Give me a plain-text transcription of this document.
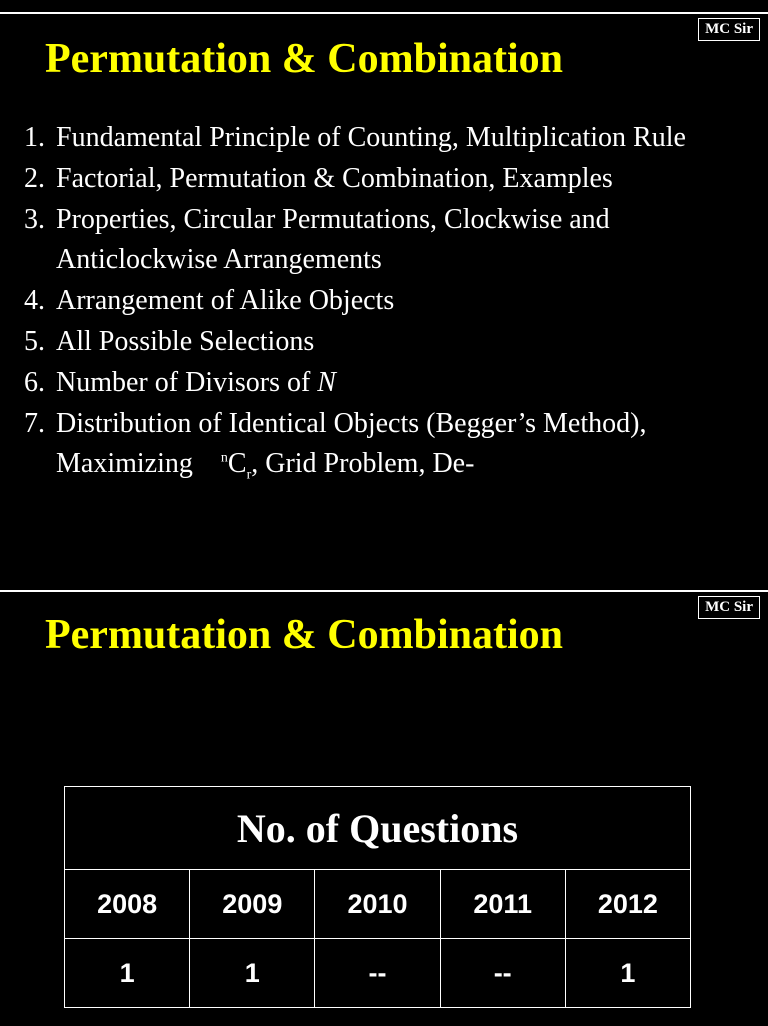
MC Sir
Permutation & Combination
1. Fundamental Principle of Counting, Multiplication Rule
2. Factorial, Permutation & Combination, Examples
3. Properties, Circular Permutations, Clockwise and Anticlockwise Arrangements
4. Arrangement of Alike Objects
5. All Possible Selections
6. Number of Divisors of N
7. Distribution of Identical Objects (Begger’s Method), Maximizing $^nC_r$, Grid Problem, De-
MC Sir
Permutation & Combination
No. of Questions				
2008	2009	2010	2011	2012
1	1	--	--	1
